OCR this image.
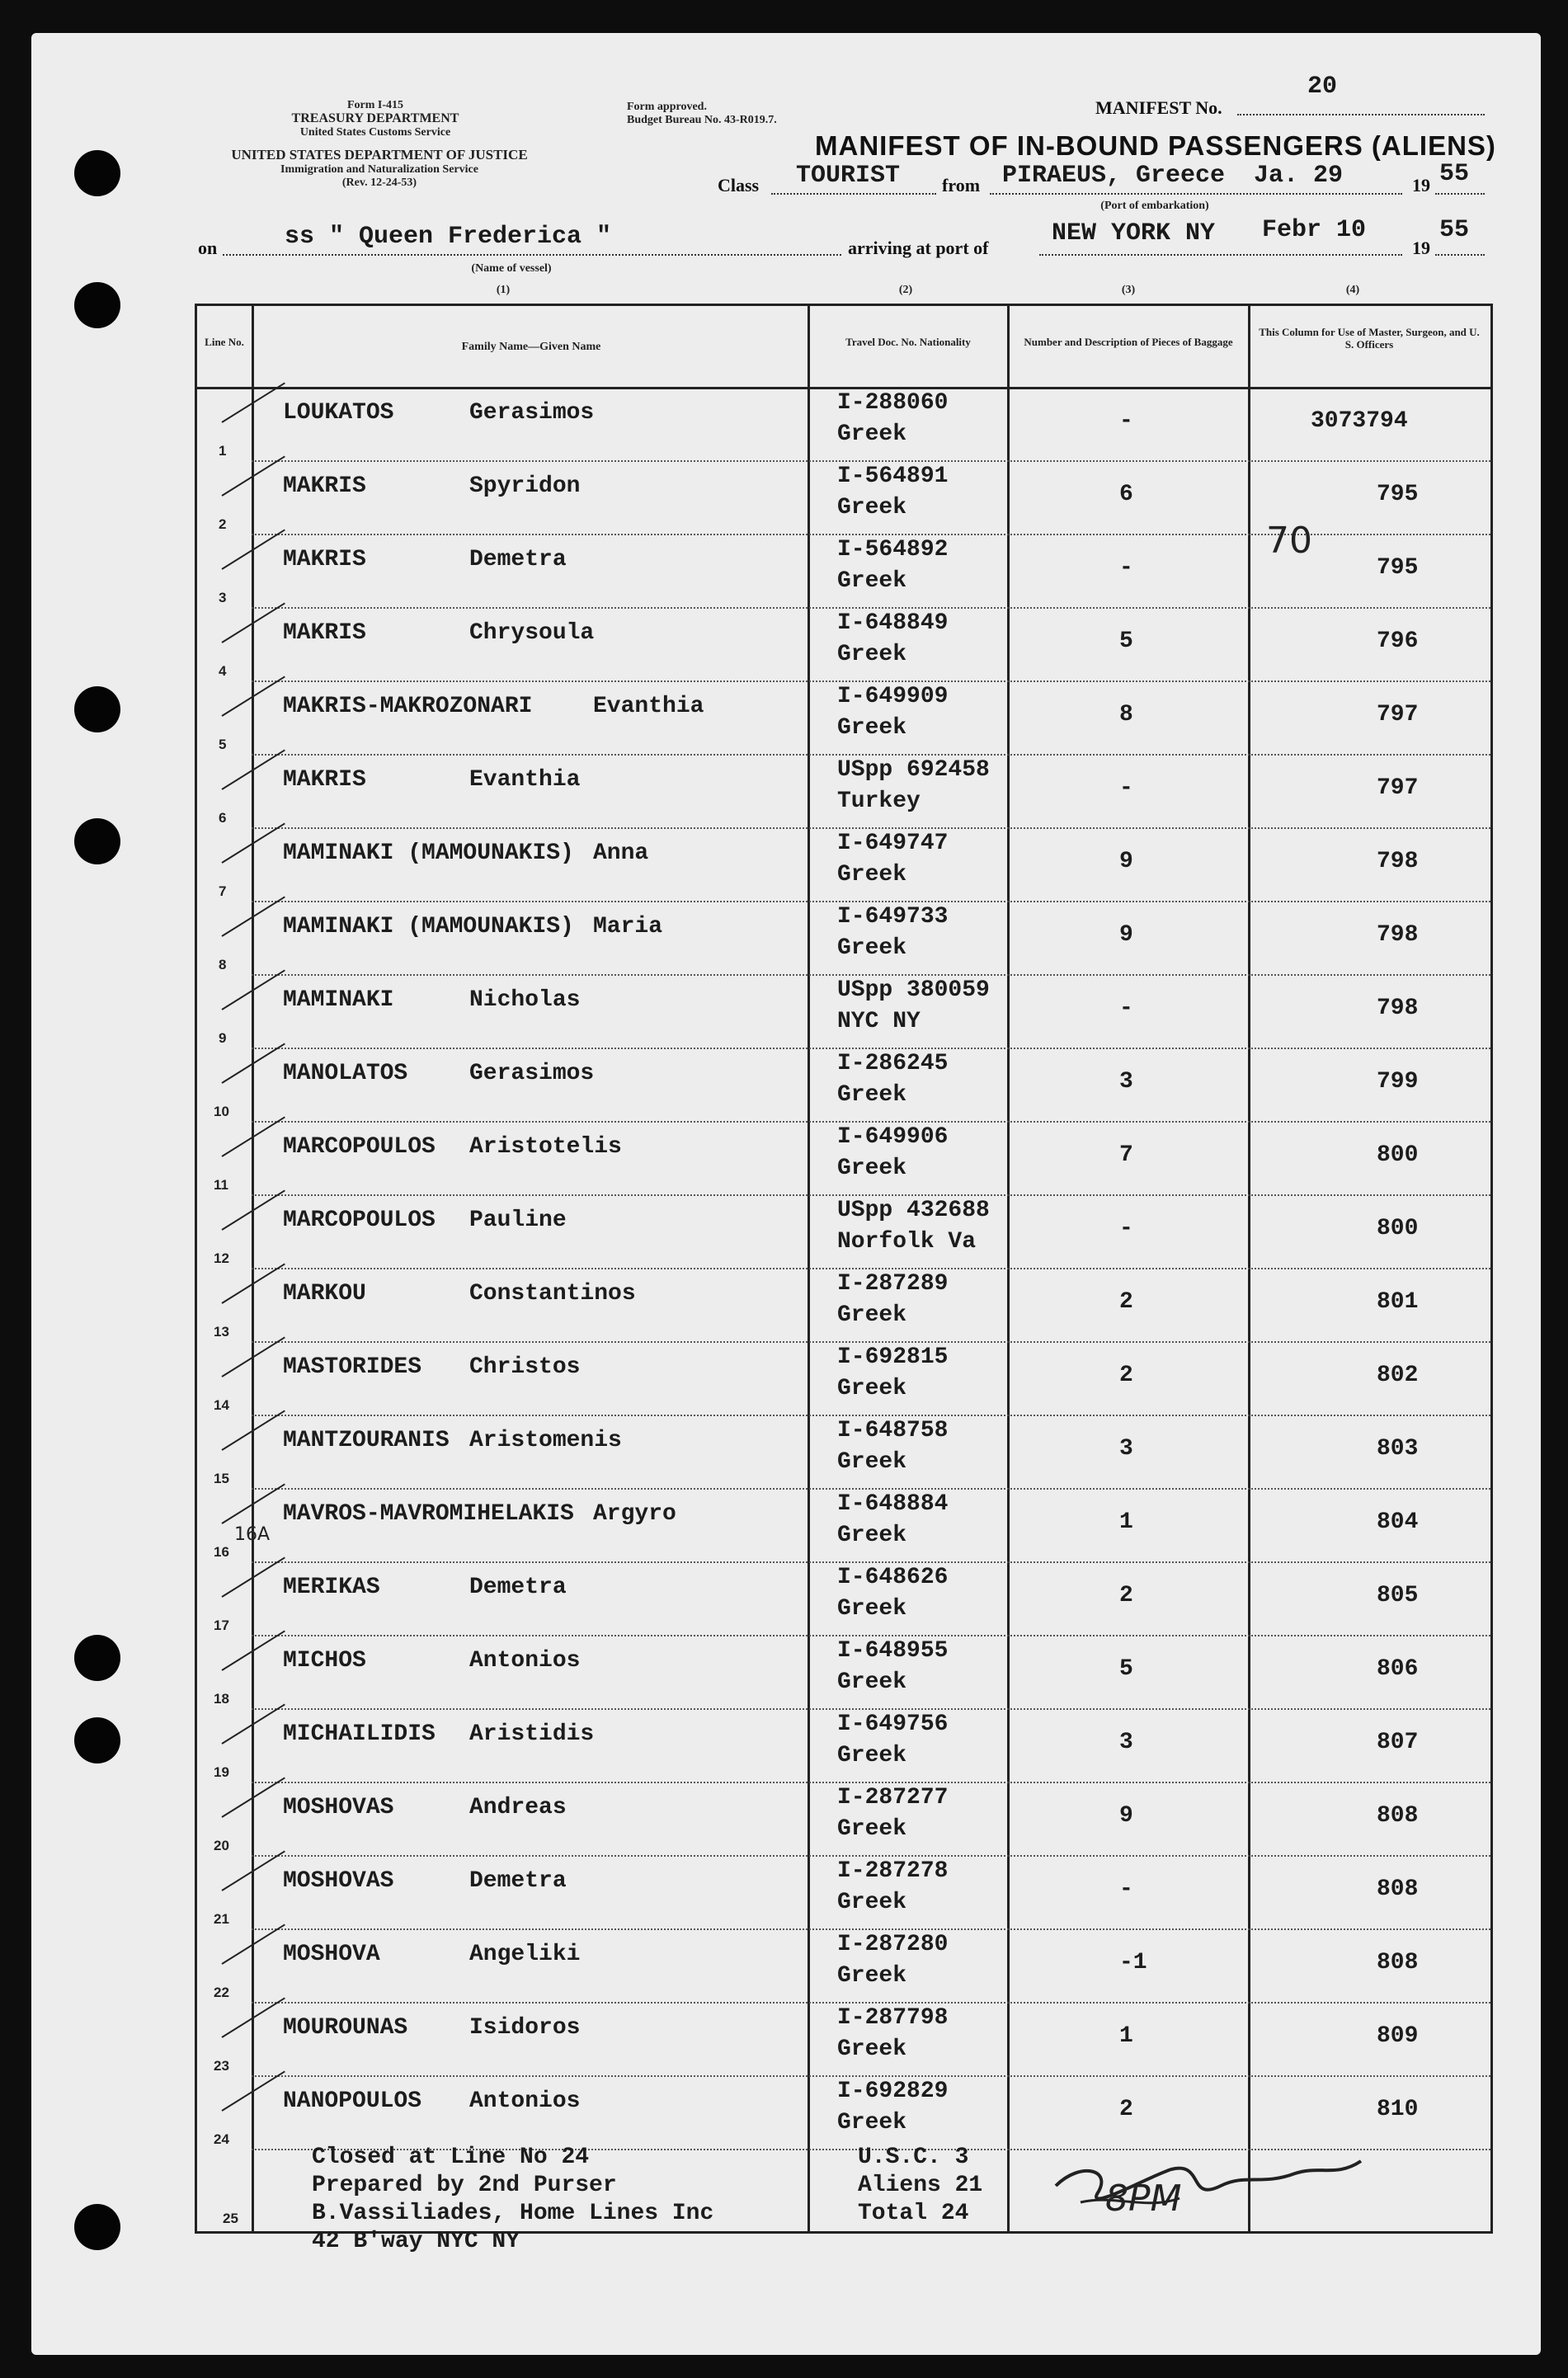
Form I-415
TREASURY DEPARTMENT
United States Customs Service
UNITED STATES DEPARTMENT OF JUSTICE
Immigration and Naturalization Service
(Rev. 12-24-53)
Form approved.
Budget Bureau No. 43-R019.7.
MANIFEST No.
20
MANIFEST OF IN-BOUND PASSENGERS (ALIENS)
Class TOURIST from PIRAEUS, Greece Ja. 29	19 55
(Port of embarkation)
on	ss " Queen Frederica "
(Name of vessel)
arriving at port of
NEW YORK NY Febr 10
19
55
(1)	(2)	(3)	(4)
Line No.	Family Name—Given Name	Travel Doc. No. Nationality	Number and Description of Pieces of Baggage
This Column for Use of Master, Surgeon, and U. S. Officers
1
LOUKATOS	Gerasimos	I-288060
Greek
-	3073794
2
MAKRIS	Spyridon	I-564891
Greek
6	795
3
MAKRIS	Demetra	I-564892
Greek
-	795
4
MAKRIS	Chrysoula	I-648849
Greek
5	796
5
MAKRIS-MAKROZONARI	Evanthia	I-649909
Greek
8	797
6
MAKRIS	Evanthia	USpp 692458
Turkey
-	797
7
MAMINAKI (MAMOUNAKIS) Anna	I-649747
Greek
9	798
8
MAMINAKI (MAMOUNAKIS) Maria	I-649733
Greek
9	798
9
MAMINAKI	Nicholas	USpp 380059
NYC NY
-	798
10
MANOLATOS	Gerasimos	I-286245
Greek
3	799
11
MARCOPOULOS Aristotelis	I-649906
Greek
7	800
12
MARCOPOULOS Pauline	USpp 432688
Norfolk Va
-	800
13
MARKOU	Constantinos	I-287289
Greek
2	801
14
MASTORIDES Christos	I-692815
Greek
2	802
15
MANTZOURANIS Aristomenis	I-648758
Greek
3	803
16
MAVROS-MAVROMIHELAKIS Argyro	I-648884
Greek
1	804
17
MERIKAS	Demetra	I-648626
Greek
2	805
18
MICHOS	Antonios	I-648955
Greek
5	806
19
MICHAILIDIS Aristidis	I-649756
Greek
3	807
20
MOSHOVAS	Andreas	I-287277
Greek
9	808
21
MOSHOVAS	Demetra	I-287278
Greek
-	808
22
MOSHOVA	Angeliki	I-287280
Greek
-1	808
23
MOUROUNAS	Isidoros	I-287798
Greek
1	809
24
NANOPOULOS Antonios	I-692829
Greek
2	810
25
Closed at Line No 24
Prepared by 2nd Purser
B.Vassiliades, Home Lines Inc
42 B'way NYC NY
U.S.C. 3
Aliens 21
Total 24
70
16A
8PM
